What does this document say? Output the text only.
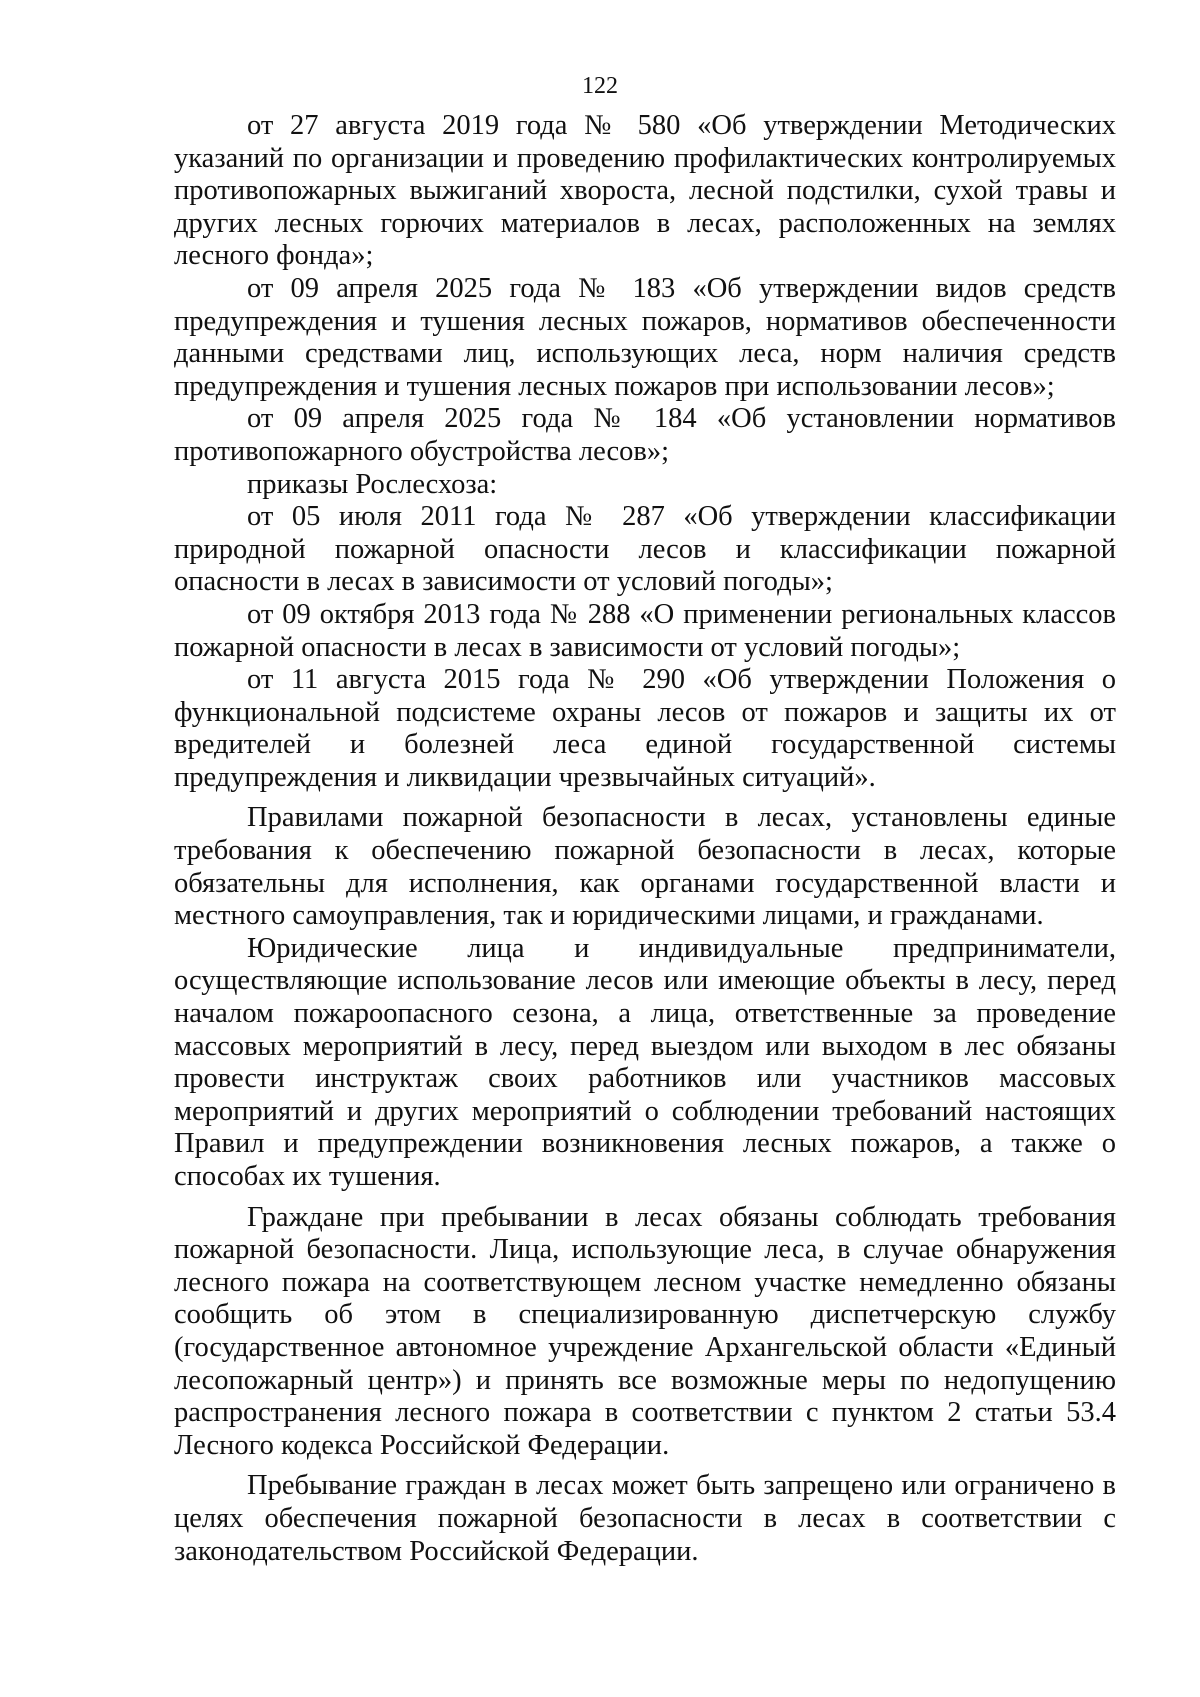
122

от 27 августа 2019 года № 580 «Об утверждении Методических указаний по организации и проведению профилактических контролируемых противопожарных выжиганий хвороста, лесной подстилки, сухой травы и других лесных горючих материалов в лесах, расположенных на землях лесного фонда»;

от 09 апреля 2025 года № 183 «Об утверждении видов средств предупреждения и тушения лесных пожаров, нормативов обеспеченности данными средствами лиц, использующих леса, норм наличия средств предупреждения и тушения лесных пожаров при использовании лесов»;

от 09 апреля 2025 года № 184 «Об установлении нормативов противопожарного обустройства лесов»;

приказы Рослесхоза:

от 05 июля 2011 года № 287 «Об утверждении классификации природной пожарной опасности лесов и классификации пожарной опасности в лесах в зависимости от условий погоды»;

от 09 октября 2013 года № 288 «О применении региональных классов пожарной опасности в лесах в зависимости от условий погоды»;

от 11 августа 2015 года № 290 «Об утверждении Положения о функциональной подсистеме охраны лесов от пожаров и защиты их от вредителей и болезней леса единой государственной системы предупреждения и ликвидации чрезвычайных ситуаций».

Правилами пожарной безопасности в лесах, установлены единые требования к обеспечению пожарной безопасности в лесах, которые обязательны для исполнения, как органами государственной власти и местного самоуправления, так и юридическими лицами, и гражданами.

Юридические лица и индивидуальные предприниматели, осуществляющие использование лесов или имеющие объекты в лесу, перед началом пожароопасного сезона, а лица, ответственные за проведение массовых мероприятий в лесу, перед выездом или выходом в лес обязаны провести инструктаж своих работников или участников массовых мероприятий и других мероприятий о соблюдении требований настоящих Правил и предупреждении возникновения лесных пожаров, а также о способах их тушения.

Граждане при пребывании в лесах обязаны соблюдать требования пожарной безопасности. Лица, использующие леса, в случае обнаружения лесного пожара на соответствующем лесном участке немедленно обязаны сообщить об этом в специализированную диспетчерскую службу (государственное автономное учреждение Архангельской области «Единый лесопожарный центр») и принять все возможные меры по недопущению распространения лесного пожара в соответствии с пунктом 2 статьи 53.4 Лесного кодекса Российской Федерации.

Пребывание граждан в лесах может быть запрещено или ограничено в целях обеспечения пожарной безопасности в лесах в соответствии с законодательством Российской Федерации.
